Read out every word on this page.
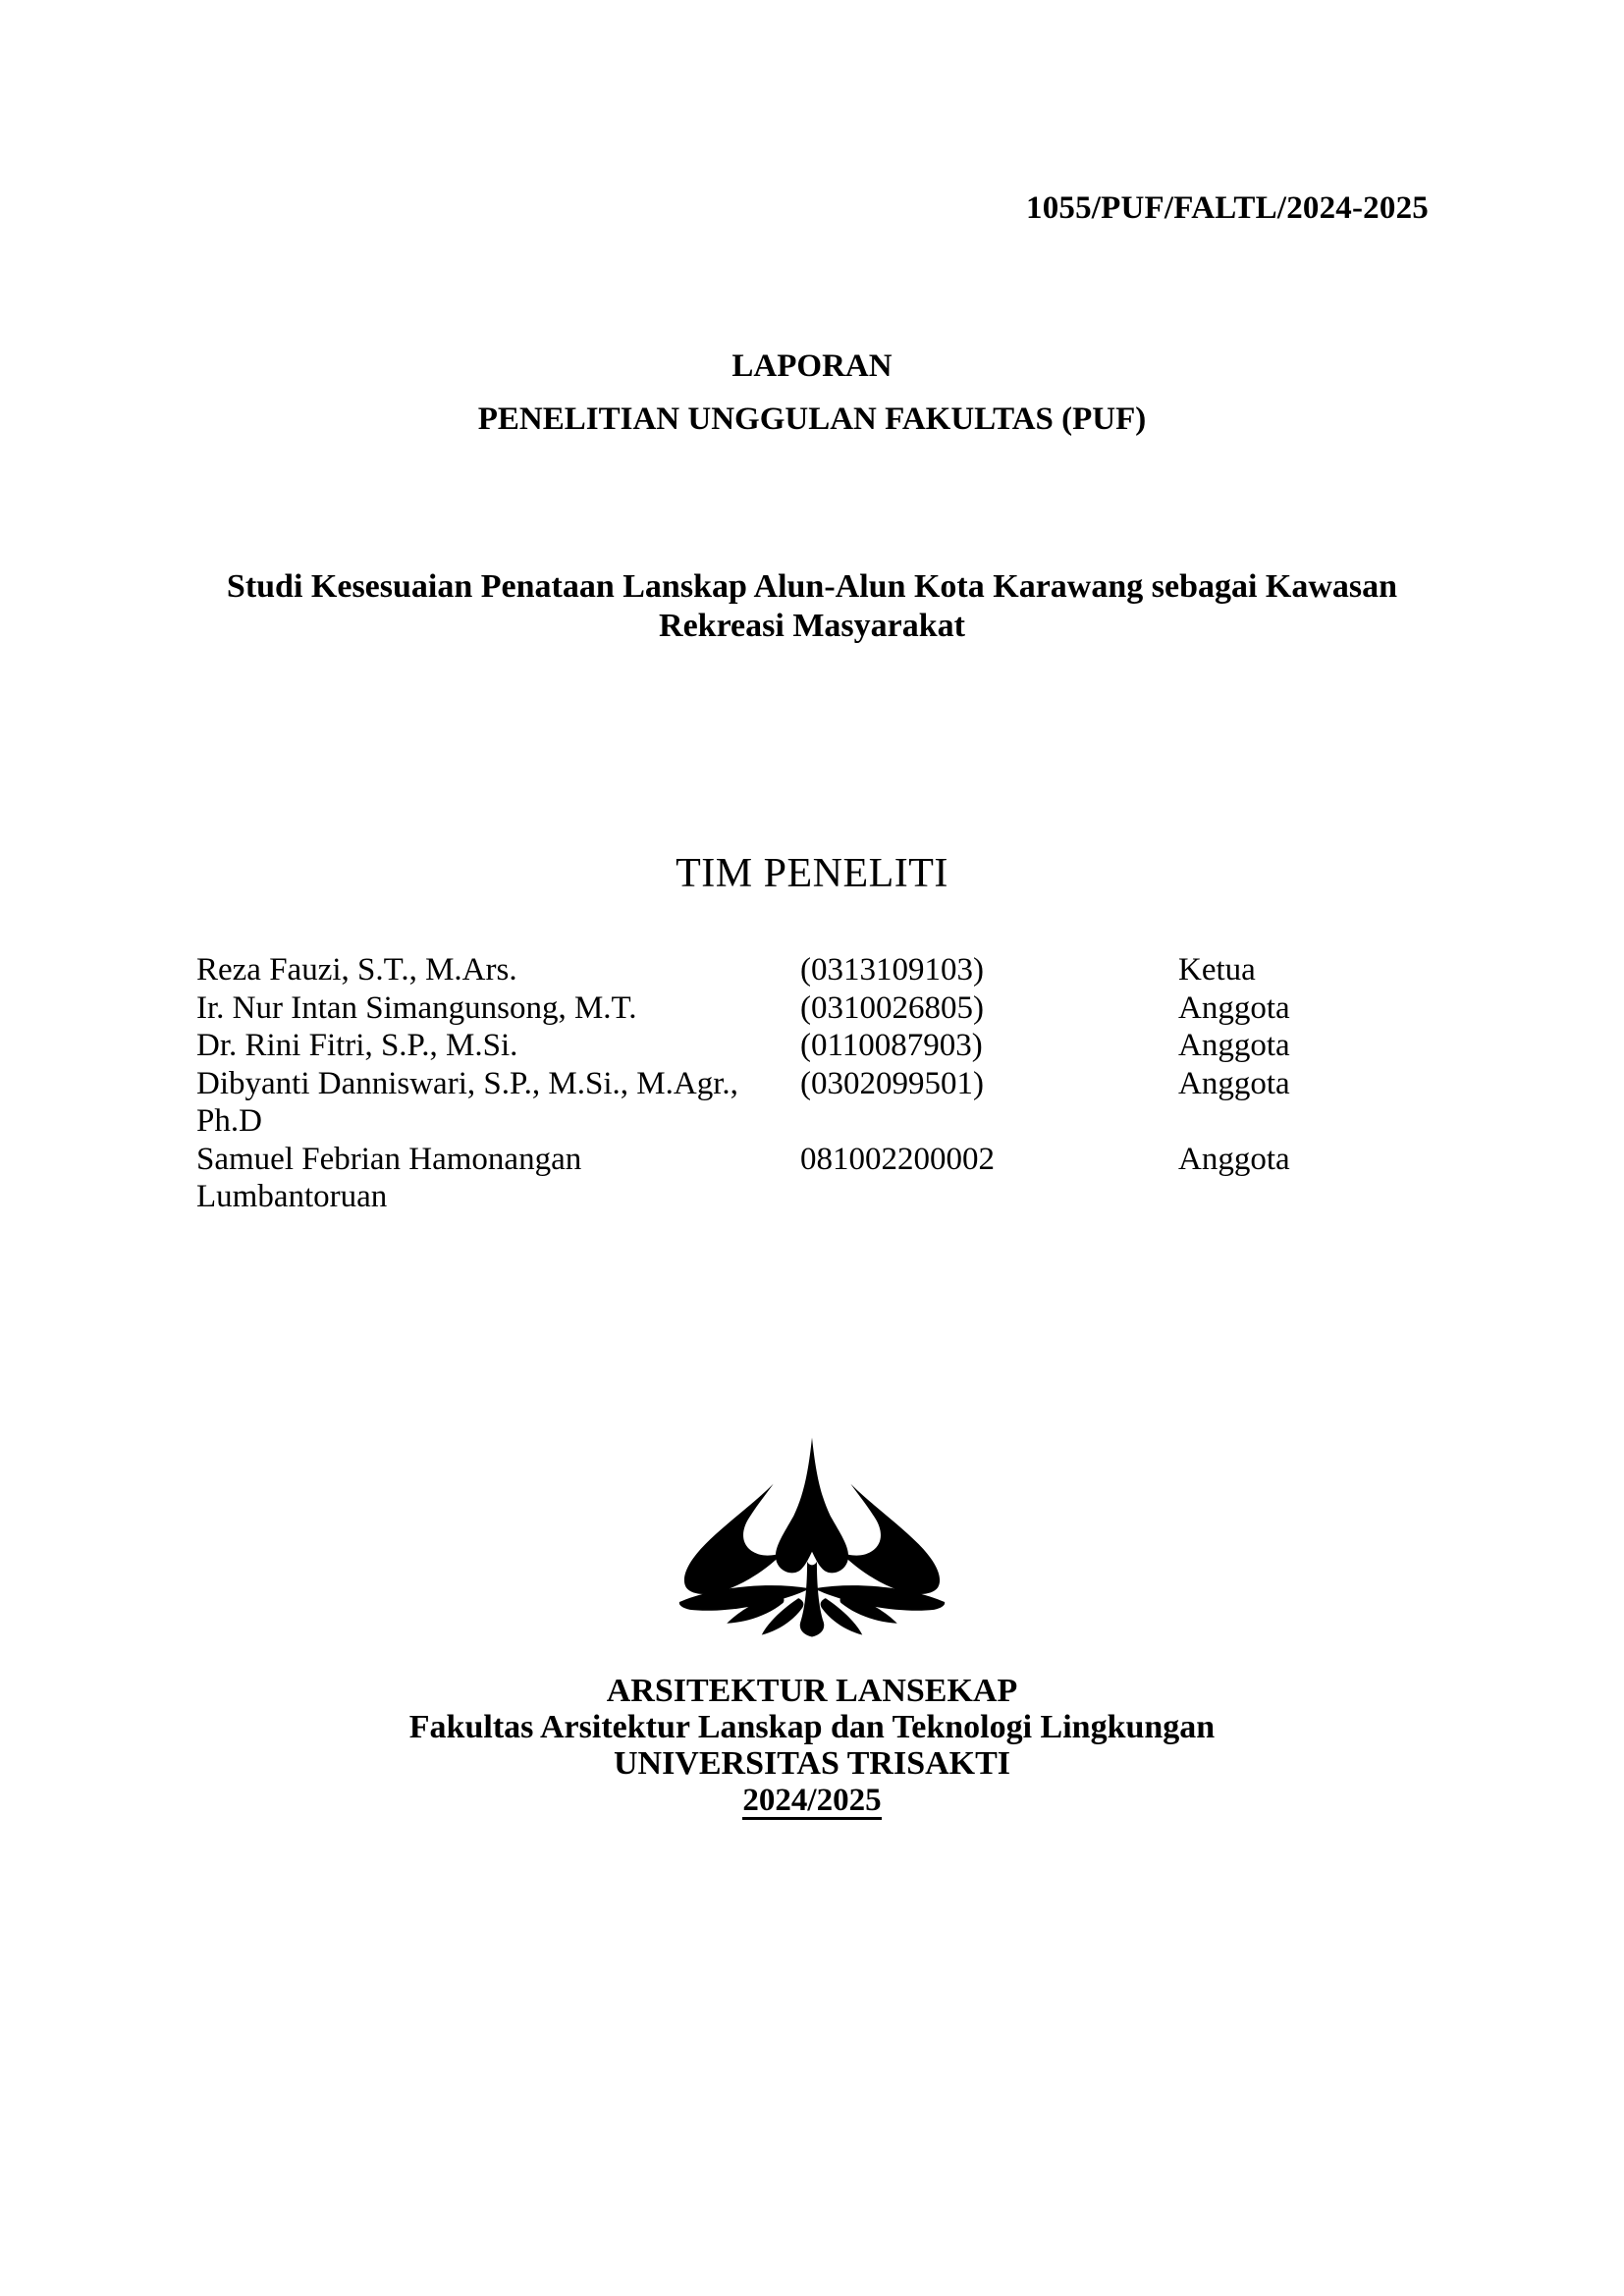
1055/PUF/FALTL/2024-2025
LAPORAN
PENELITIAN UNGGULAN FAKULTAS (PUF)
Studi Kesesuaian Penataan Lanskap Alun-Alun Kota Karawang sebagai Kawasan
Rekreasi Masyarakat
TIM PENELITI
Reza Fauzi, S.T., M.Ars.	(0313109103)	Ketua
Ir. Nur Intan Simangunsong, M.T.	(0310026805)	Anggota
Dr. Rini Fitri, S.P., M.Si.	(0110087903)	Anggota
Dibyanti Danniswari, S.P., M.Si., M.Agr.,	(0302099501)	Anggota
Ph.D
Samuel Febrian Hamonangan	081002200002	Anggota
Lumbantoruan
ARSITEKTUR LANSEKAP
Fakultas Arsitektur Lanskap dan Teknologi Lingkungan
UNIVERSITAS TRISAKTI
2024/2025
